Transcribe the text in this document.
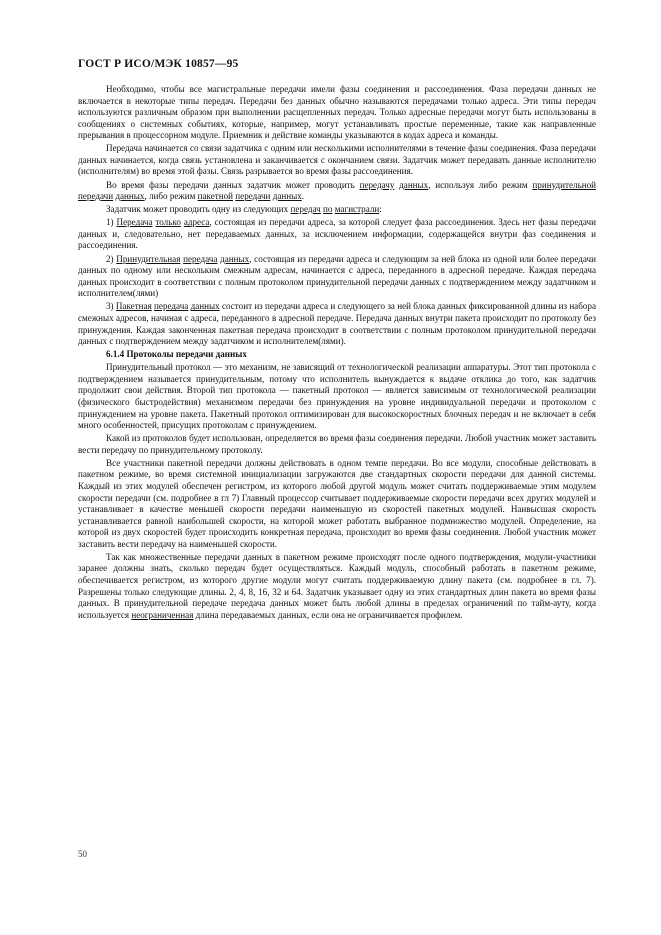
ГОСТ Р ИСО/МЭК 10857—95

Необходимо, чтобы все магистральные передачи имели фазы соединения и рассоединения. Фаза передачи данных не включается в некоторые типы передач. Передачи без данных обычно называются передачами только адреса. Эти типы передач используются различным образом при выполнении расщепленных передач. Только адресные передачи могут быть использованы в сообщениях о системных событиях, которые, например, могут устанавливать простые переменные, такие как направленные прерывания в процессорном модуле. Приемник и действие команды указываются в кодах адреса и команды.

Передача начинается со связи задатчика с одним или несколькими исполнителями в течение фазы соединения. Фаза передачи данных начинается, когда связь установлена и заканчивается с окончанием связи. Задатчик может передавать данные исполнителю (исполнителям) во время этой фазы. Связь разрывается во время фазы рассоединения.

Во время фазы передачи данных задатчик может проводить передачу данных, используя либо режим принудительной передачи данных, либо режим пакетной передачи данных.

Задатчик может проводить одну из следующих передач по магистрали:

1) Передача только адреса, состоящая из передачи адреса, за которой следует фаза рассоединения. Здесь нет фазы передачи данных и, следовательно, нет передаваемых данных, за исключением информации, содержащейся внутри фаз соединения и рассоединения.

2) Принудительная передача данных, состоящая из передачи адреса и следующим за ней блока из одной или более передачи данных по одному или нескольким смежным адресам, начинается с адреса, переданного в адресной передаче. Каждая передача данных происходит в соответствии с полным протоколом принудительной передачи данных с подтверждением между задатчиком и исполнителем(лями)

3) Пакетная передача данных состоит из передачи адреса и следующего за ней блока данных фиксированной длины из набора смежных адресов, начиная с адреса, переданного в адресной передаче. Передача данных внутри пакета происходит по протоколу без принуждения. Каждая законченная пакетная передача происходит в соответствии с полным протоколом принудительной передачи данных с подтверждением между задатчиком и исполнителем(лями).

6.1.4 Протоколы передачи данных

Принудительный протокол — это механизм, не зависящий от технологической реализации аппаратуры. Этот тип протокола с подтверждением называется принудительным, потому что исполнитель вынуждается к выдаче отклика до того, как задатчик продолжит свои действия. Второй тип протокола — пакетный протокол — является зависимым от технологической реализации (физического быстродействия) механизмом передачи без принуждения на уровне индивидуальной передачи и протоколом с принуждением на уровне пакета. Пакетный протокол оптимизирован для высокоскоростных блочных передач и не включает в себя много особенностей, присущих протоколам с принуждением.

Какой из протоколов будет использован, определяется во время фазы соединения передачи. Любой участник может заставить вести передачу по принудительному протоколу.

Все участники пакетной передачи должны действовать в одном темпе передачи. Во все модули, способные действовать в пакетном режиме, во время системной инициализации загружаются две стандартных скорости передачи для данной системы. Каждый из этих модулей обеспечен регистром, из которого любой другой модуль может считать поддерживаемые этим модулем скорости передачи (см. подробнее в гл 7) Главный процессор считывает поддерживаемые скорости передачи всех других модулей и устанавливает в качестве меньшей скорости передачи наименьшую из скоростей пакетных модулей. Наивысшая скорость устанавливается равной наибольшей скорости, на которой может работать выбранное подмножество модулей. Определение, на которой из двух скоростей будет происходить конкретная передача, происходит во время фазы соединения. Любой участник может заставить вести передачу на наименьшей скорости.

Так как множественные передачи данных в пакетном режиме происходят после одного подтверждения, модули-участники заранее должны знать, сколько передач будет осуществляться. Каждый модуль, способный работать в пакетном режиме, обеспечивается регистром, из которого другие модули могут считать поддерживаемую длину пакета (см. подробнее в гл. 7). Разрешены только следующие длины. 2, 4, 8, 16, 32 и 64. Задатчик указывает одну из этих стандартных длин пакета во время фазы данных. В принудительной передаче передача данных может быть любой длины в пределах ограничений по тайм-ауту, когда используется неограниченная длина передаваемых данных, если она не ограничивается профилем.

50
